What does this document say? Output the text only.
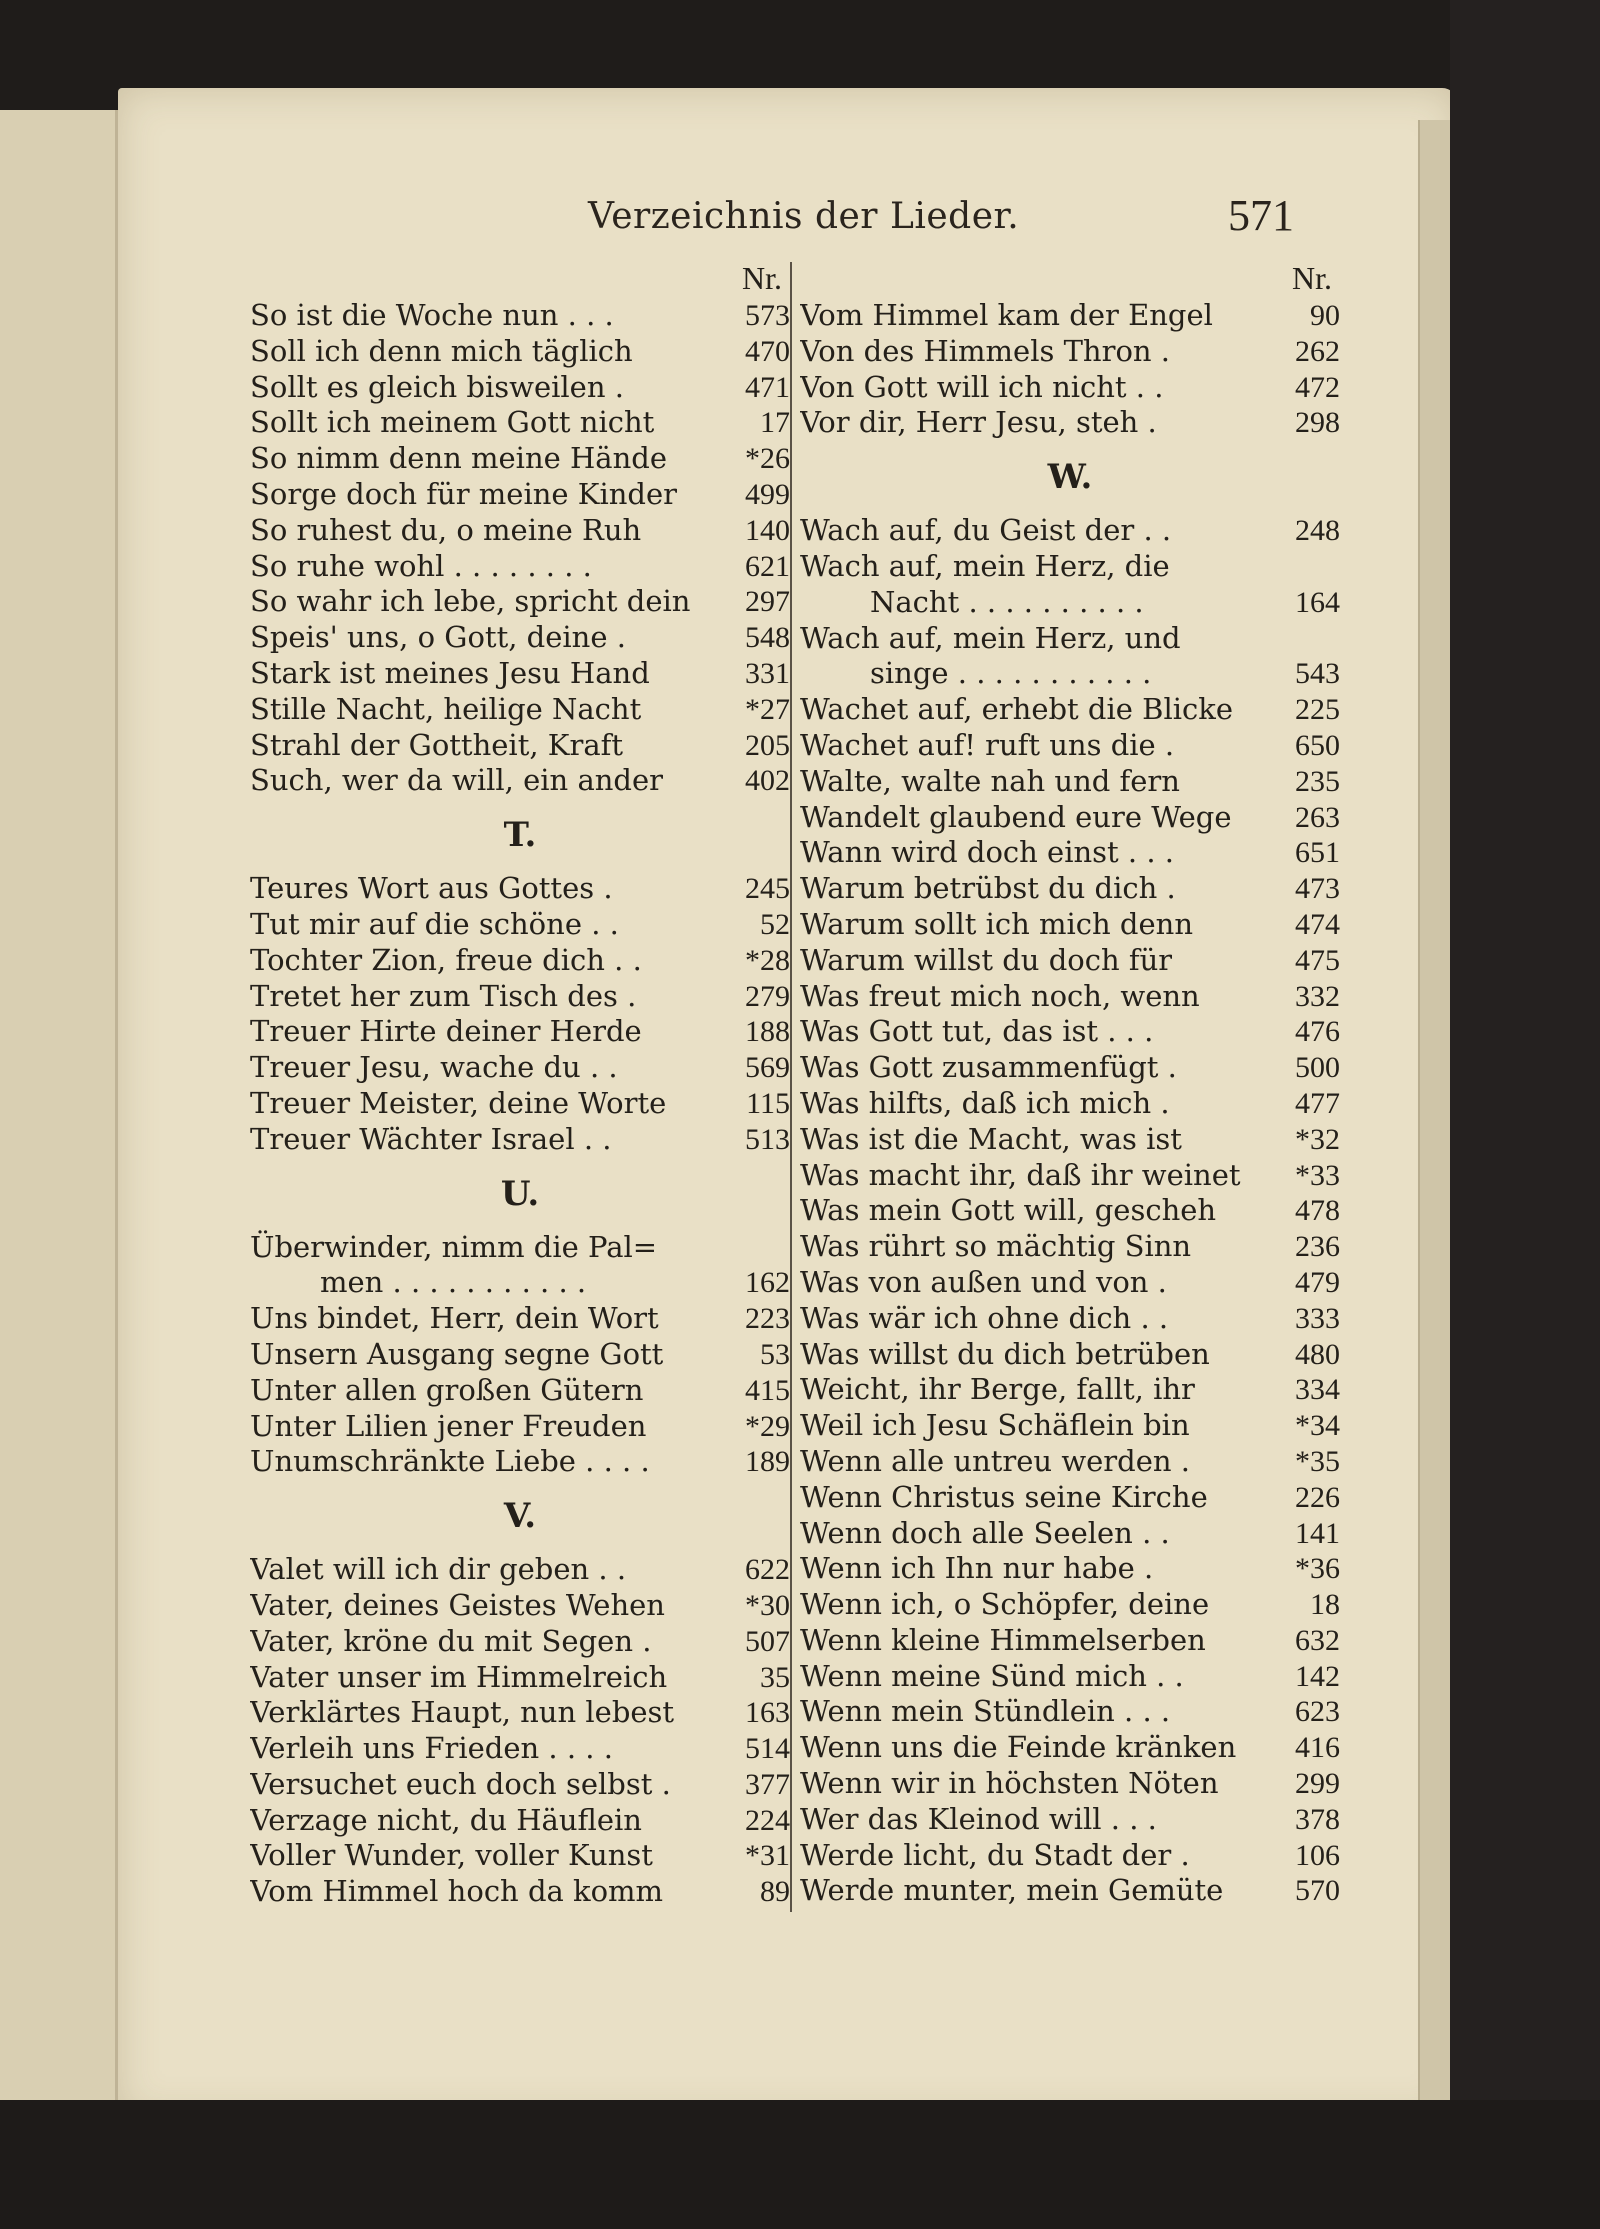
Verzeichnis der Lieder.	571
Nr.
So ist die Woche nun . . .	573
Soll ich denn mich täglich	470
Sollt es gleich bisweilen .	471
Sollt ich meinem Gott nicht	17
So nimm denn meine Hände	*26
Sorge doch für meine Kinder 499
So ruhest du, o meine Ruh	140
So ruhe wohl . . . . . . . .	621
So wahr ich lebe, spricht dein 297
Speis' uns, o Gott, deine .	548
Stark ist meines Jesu Hand	331
Stille Nacht, heilige Nacht	*27
Strahl der Gottheit, Kraft	205
Such, wer da will, ein ander	402
T.
Teures Wort aus Gottes .	245
Tut mir auf die schöne . .	52
Tochter Zion, freue dich . .	*28
Tretet her zum Tisch des .	279
Treuer Hirte deiner Herde	188
Treuer Jesu, wache du . .	569
Treuer Meister, deine Worte	115
Treuer Wächter Israel . .	513
U.
Überwinder, nimm die Pal=
men . . . . . . . . . . .	162
Uns bindet, Herr, dein Wort	223
Unsern Ausgang segne Gott	53
Unter allen großen Gütern	415
Unter Lilien jener Freuden	*29
Unumschränkte Liebe . . . .	189
V.
Valet will ich dir geben . .	622
Vater, deines Geistes Wehen	*30
Vater, kröne du mit Segen .	507
Vater unser im Himmelreich	35
Verklärtes Haupt, nun lebest 163
Verleih uns Frieden . . . .	514
Versuchet euch doch selbst . 377
Verzage nicht, du Häuflein	224
Voller Wunder, voller Kunst	*31
Vom Himmel hoch da komm	89
Nr.
Vom Himmel kam der Engel	90
Von des Himmels Thron .	262
Von Gott will ich nicht . .	472
Vor dir, Herr Jesu, steh .	298
W.
Wach auf, du Geist der . .	248
Wach auf, mein Herz, die
Nacht . . . . . . . . . .	164
Wach auf, mein Herz, und
singe . . . . . . . . . . .	543
Wachet auf, erhebt die Blicke 225
Wachet auf! ruft uns die .	650
Walte, walte nah und fern	235
Wandelt glaubend eure Wege 263
Wann wird doch einst . . .	651
Warum betrübst du dich .	473
Warum sollt ich mich denn	474
Warum willst du doch für	475
Was freut mich noch, wenn	332
Was Gott tut, das ist . . .	476
Was Gott zusammenfügt .	500
Was hilfts, daß ich mich .	477
Was ist die Macht, was ist	*32
Was macht ihr, daß ihr weinet *33
Was mein Gott will, gescheh	478
Was rührt so mächtig Sinn	236
Was von außen und von .	479
Was wär ich ohne dich . .	333
Was willst du dich betrüben	480
Weicht, ihr Berge, fallt, ihr	334
Weil ich Jesu Schäflein bin	*34
Wenn alle untreu werden .	*35
Wenn Christus seine Kirche	226
Wenn doch alle Seelen . .	141
Wenn ich Ihn nur habe .	*36
Wenn ich, o Schöpfer, deine	18
Wenn kleine Himmelserben	632
Wenn meine Sünd mich . .	142
Wenn mein Stündlein . . .	623
Wenn uns die Feinde kränken 416
Wenn wir in höchsten Nöten	299
Wer das Kleinod will . . .	378
Werde licht, du Stadt der .	106
Werde munter, mein Gemüte 570
